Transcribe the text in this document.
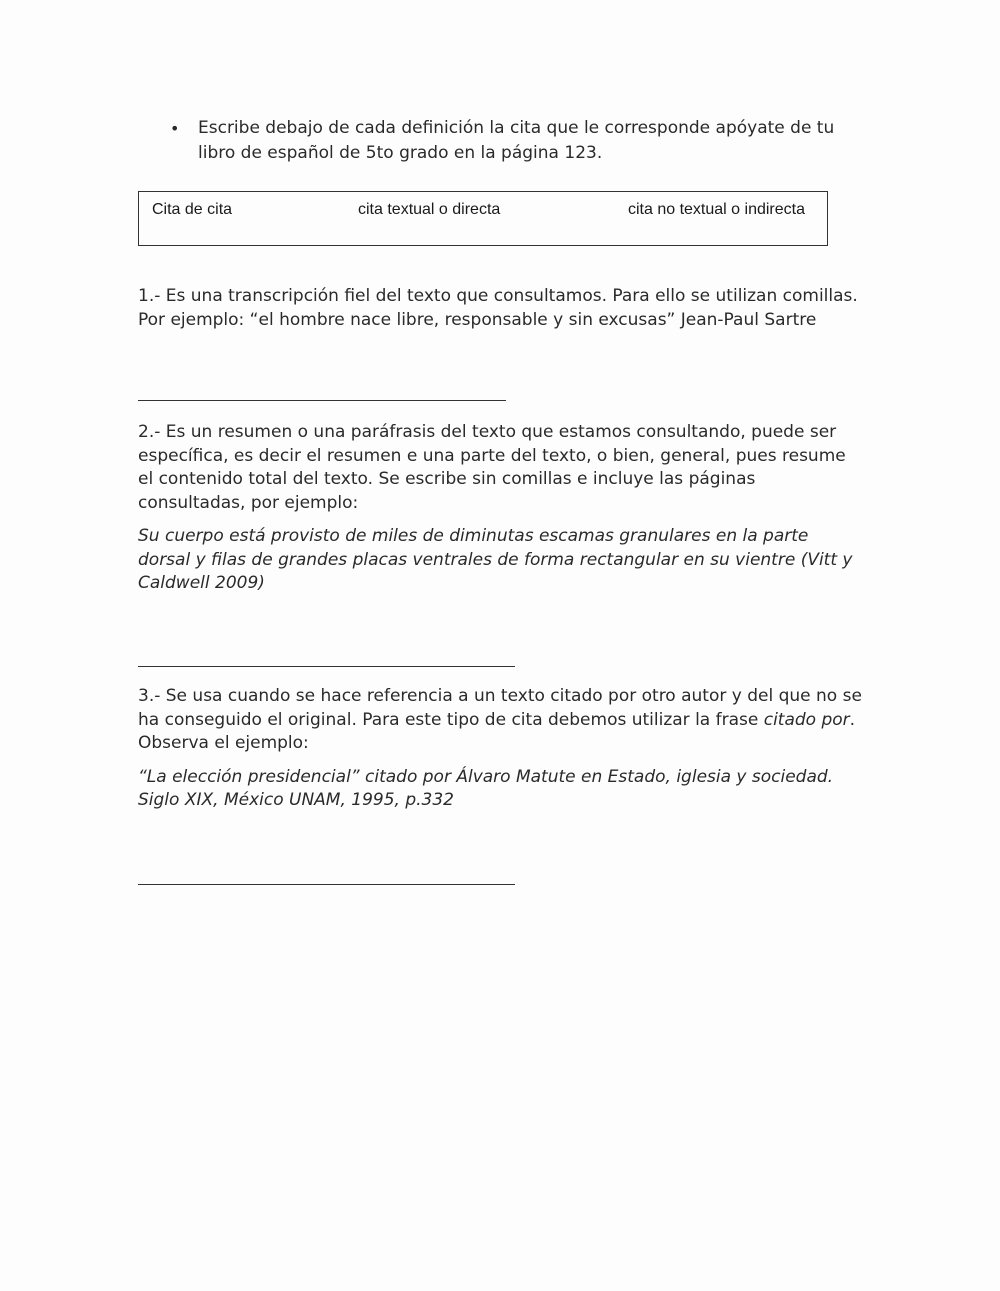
• Escribe debajo de cada definición la cita que le corresponde apóyate de tu libro de español de 5to grado en la página 123.
Cita de cita	cita textual o directa	cita no textual o indirecta

1.- Es una transcripción fiel del texto que consultamos. Para ello se utilizan comillas. Por ejemplo: “el hombre nace libre, responsable y sin excusas” Jean-Paul Sartre

2.- Es un resumen o una paráfrasis del texto que estamos consultando, puede ser específica, es decir el resumen e una parte del texto, o bien, general, pues resume el contenido total del texto. Se escribe sin comillas e incluye las páginas consultadas, por ejemplo:

Su cuerpo está provisto de miles de diminutas escamas granulares en la parte dorsal y filas de grandes placas ventrales de forma rectangular en su vientre (Vitt y Caldwell 2009)

3.- Se usa cuando se hace referencia a un texto citado por otro autor y del que no se ha conseguido el original. Para este tipo de cita debemos utilizar la frase citado por. Observa el ejemplo:

“La elección presidencial” citado por Álvaro Matute en Estado, iglesia y sociedad. Siglo XIX, México UNAM, 1995, p.332
